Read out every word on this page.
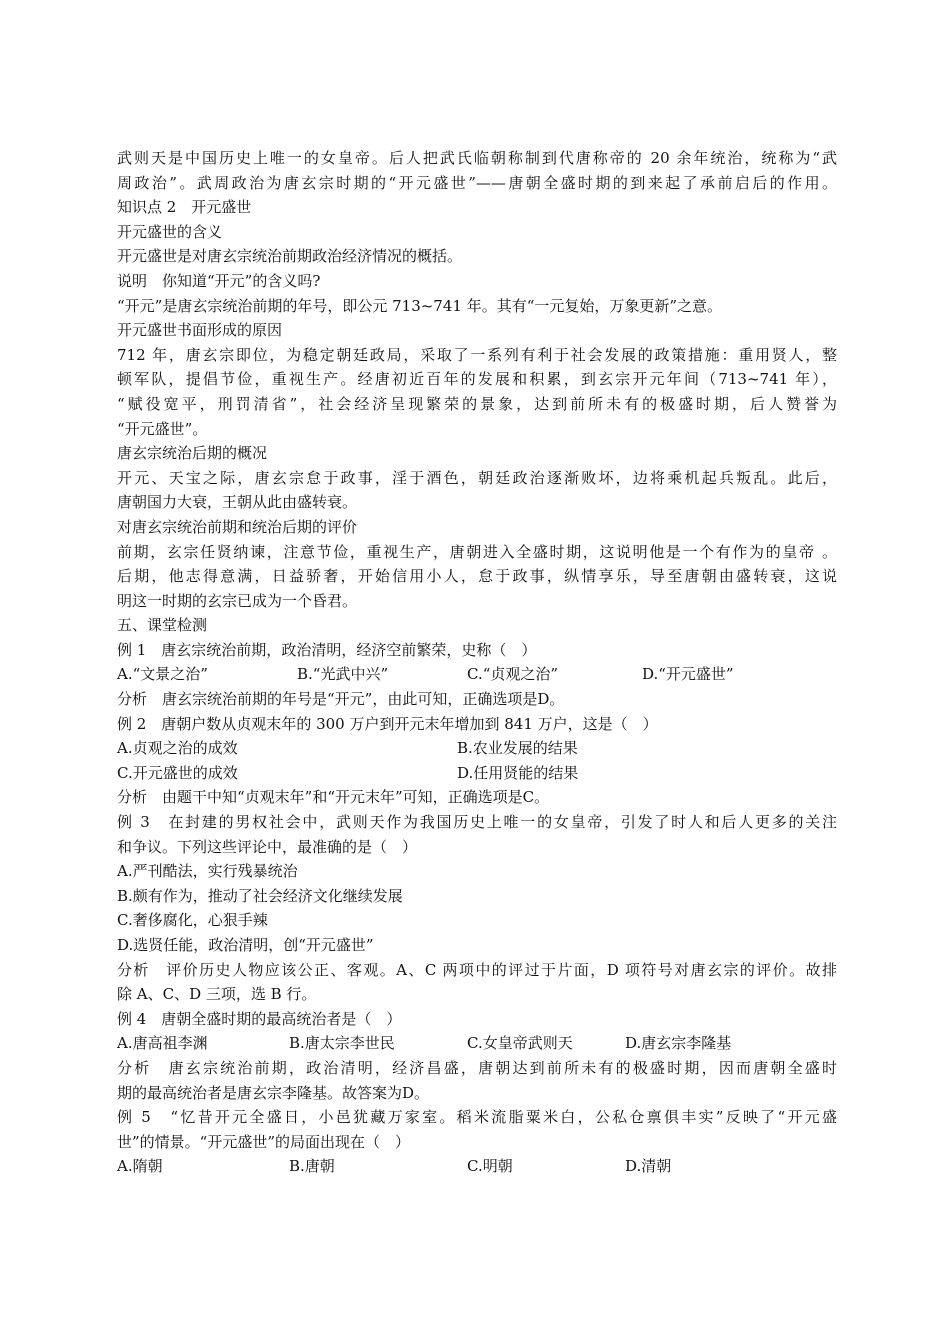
武则天是中国历史上唯一的女皇帝。后人把武氏临朝称制到代唐称帝的 20 余年统治，统称为“武
周政治”。武周政治为唐玄宗时期的“开元盛世”——唐朝全盛时期的到来起了承前启后的作用。
知识点 2　开元盛世
开元盛世的含义
开元盛世是对唐玄宗统治前期政治经济情况的概括。
说明　你知道“开元”的含义吗?
“开元”是唐玄宗统治前期的年号，即公元 713~741 年。其有“一元复始，万象更新”之意。
开元盛世书面形成的原因
712 年，唐玄宗即位，为稳定朝廷政局，采取了一系列有利于社会发展的政策措施：重用贤人，整
顿军队，提倡节俭，重视生产。经唐初近百年的发展和积累，到玄宗开元年间（713~741 年），
“赋役宽平，刑罚清省”，社会经济呈现繁荣的景象，达到前所未有的极盛时期，后人赞誉为
“开元盛世”。
唐玄宗统治后期的概况
开元、天宝之际，唐玄宗怠于政事，淫于酒色，朝廷政治逐渐败坏，边将乘机起兵叛乱。此后，
唐朝国力大衰，王朝从此由盛转衰。
对唐玄宗统治前期和统治后期的评价
前期，玄宗任贤纳谏，注意节俭，重视生产，唐朝进入全盛时期，这说明他是一个有作为的皇帝 。
后期，他志得意满，日益骄奢，开始信用小人，怠于政事，纵情享乐，导至唐朝由盛转衰，这说
明这一时期的玄宗已成为一个昏君。
五、课堂检测
例 1　唐玄宗统治前期，政治清明，经济空前繁荣，史称（　）
A.“文景之治”	B.“光武中兴”	C.“贞观之治”	D.“开元盛世”
分析　唐玄宗统治前期的年号是“开元”，由此可知，正确选项是D。
例 2　唐朝户数从贞观末年的 300 万户到开元末年增加到 841 万户，这是（　）
A.贞观之治的成效	B.农业发展的结果
C.开元盛世的成效	D.任用贤能的结果
分析　由题干中知“贞观末年”和“开元末年”可知，正确选项是C。
例 3　在封建的男权社会中，武则天作为我国历史上唯一的女皇帝，引发了时人和后人更多的关注
和争议。下列这些评论中，最准确的是（　）
A.严刊酷法，实行残暴统治
B.颇有作为，推动了社会经济文化继续发展
C.奢侈腐化，心狠手辣
D.选贤任能，政治清明，创“开元盛世”
分析　评价历史人物应该公正、客观。A、C 两项中的评过于片面，D 项符号对唐玄宗的评价。故排
除 A、C、D 三项，选 B 行。
例 4　唐朝全盛时期的最高统治者是（　）
A.唐高祖李渊	B.唐太宗李世民	C.女皇帝武则天	D.唐玄宗李隆基
分析　唐玄宗统治前期，政治清明，经济昌盛，唐朝达到前所未有的极盛时期，因而唐朝全盛时
期的最高统治者是唐玄宗李隆基。故答案为D。
例 5　“忆昔开元全盛日，小邑犹藏万家室。稻米流脂粟米白，公私仓禀俱丰实”反映了“开元盛
世”的情景。“开元盛世”的局面出现在（　）
A.隋朝	B.唐朝	C.明朝	D.清朝
